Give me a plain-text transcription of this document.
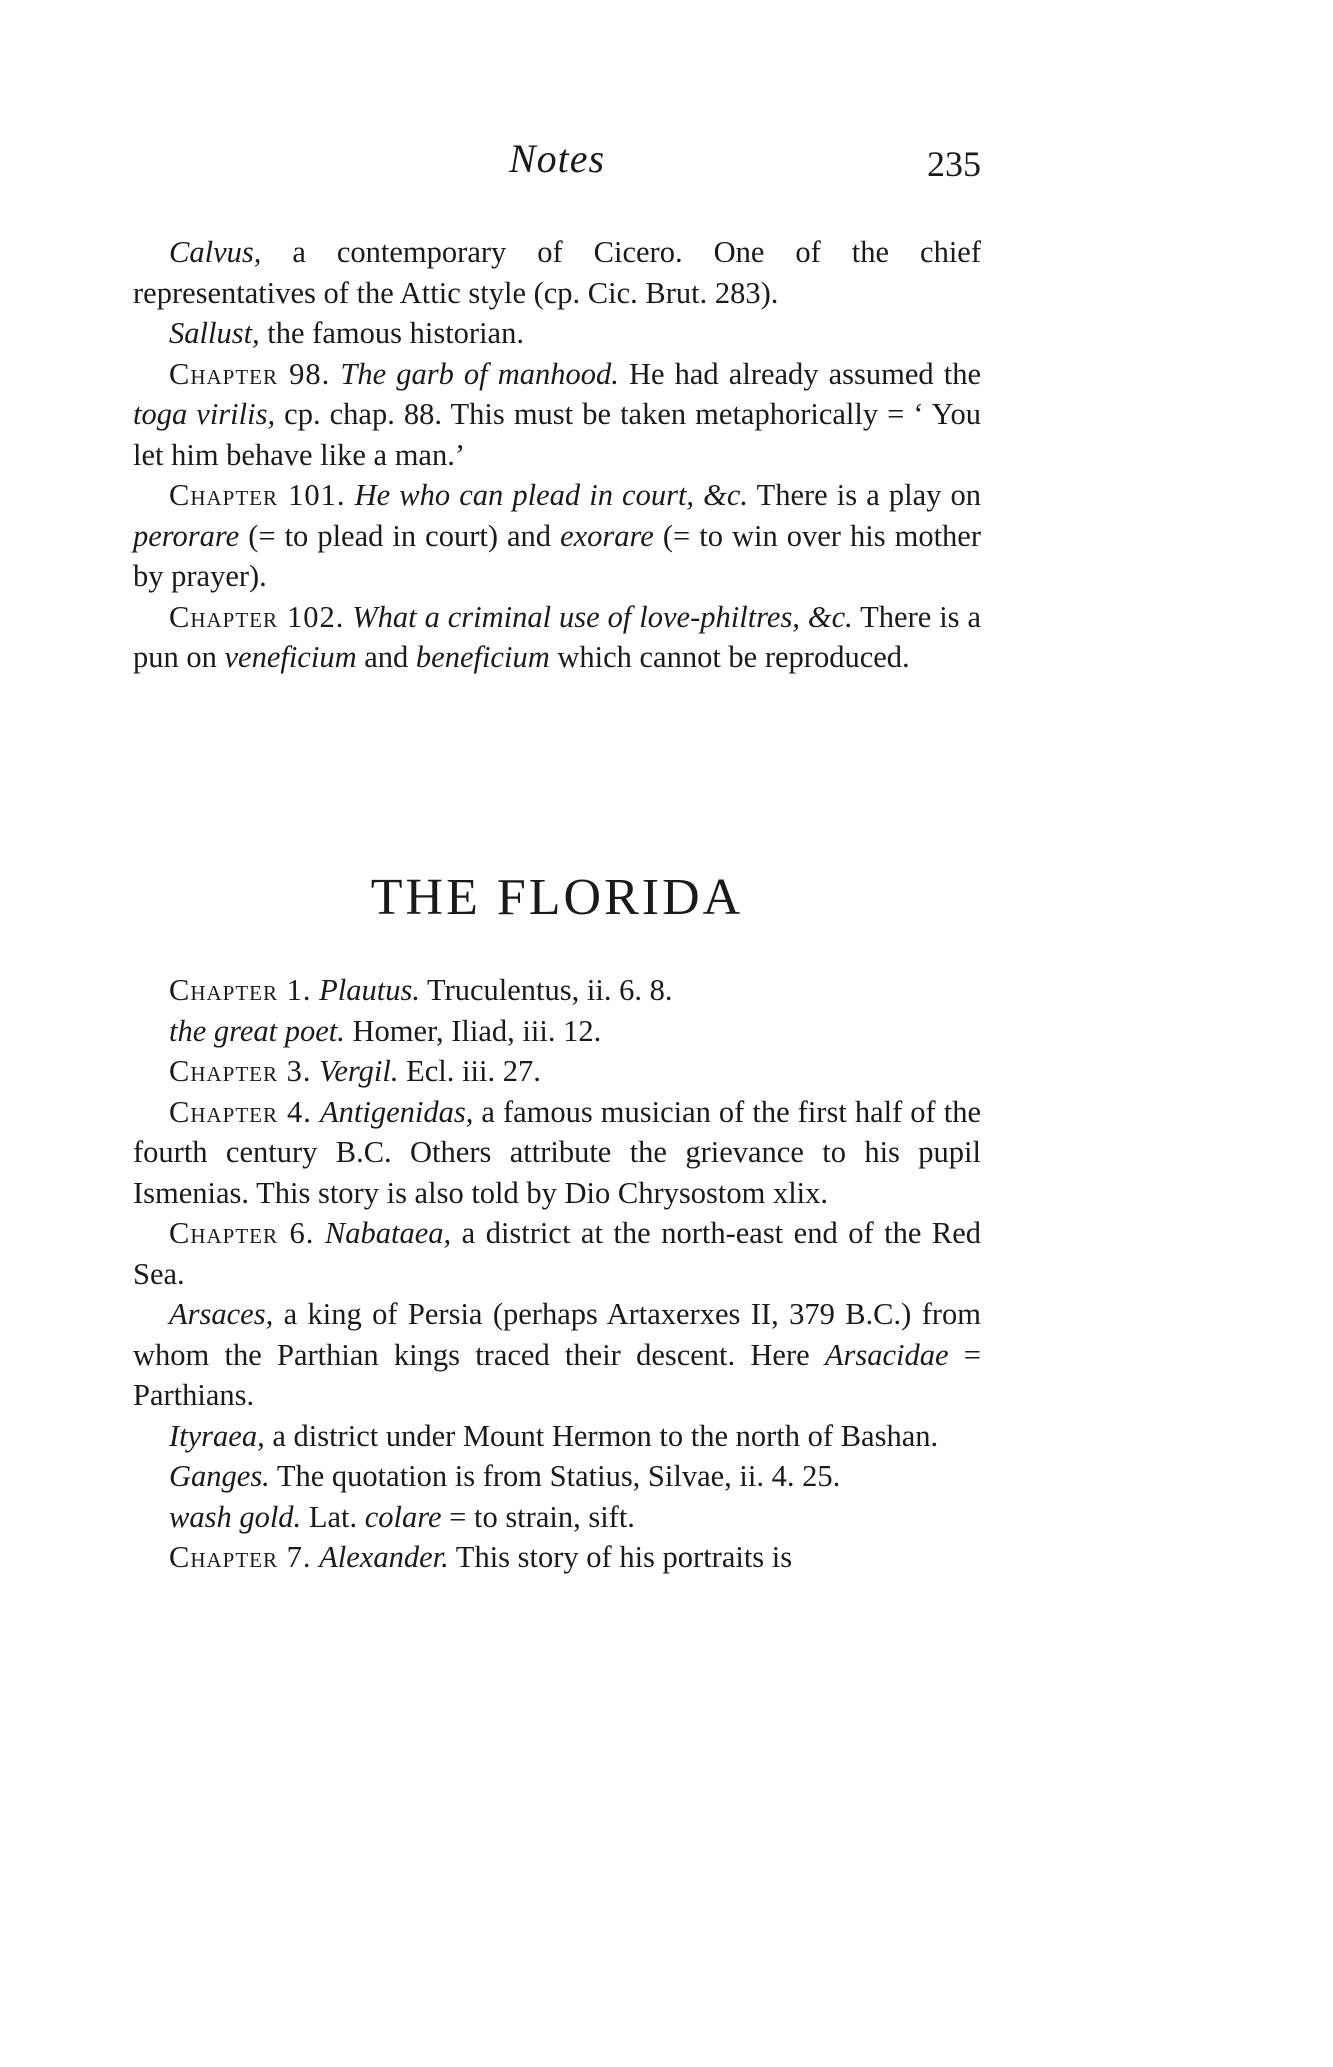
Notes	235

Calvus, a contemporary of Cicero. One of the chief representatives of the Attic style (cp. Cic. Brut. 283).

Sallust, the famous historian.

Chapter 98. The garb of manhood. He had already assumed the toga virilis, cp. chap. 88. This must be taken metaphorically = ‘ You let him behave like a man.’

Chapter 101. He who can plead in court, &c. There is a play on perorare (= to plead in court) and exorare (= to win over his mother by prayer).

Chapter 102. What a criminal use of love-philtres, &c. There is a pun on veneficium and beneficium which cannot be reproduced.

THE FLORIDA

Chapter 1. Plautus. Truculentus, ii. 6. 8.

the great poet. Homer, Iliad, iii. 12.

Chapter 3. Vergil. Ecl. iii. 27.

Chapter 4. Antigenidas, a famous musician of the first half of the fourth century B.C. Others attribute the grievance to his pupil Ismenias. This story is also told by Dio Chrysostom xlix.

Chapter 6. Nabataea, a district at the north-east end of the Red Sea.

Arsaces, a king of Persia (perhaps Artaxerxes II, 379 B.C.) from whom the Parthian kings traced their descent. Here Arsacidae = Parthians.

Ityraea, a district under Mount Hermon to the north of Bashan.

Ganges. The quotation is from Statius, Silvae, ii. 4. 25.

wash gold. Lat. colare = to strain, sift.

Chapter 7. Alexander. This story of his portraits is
